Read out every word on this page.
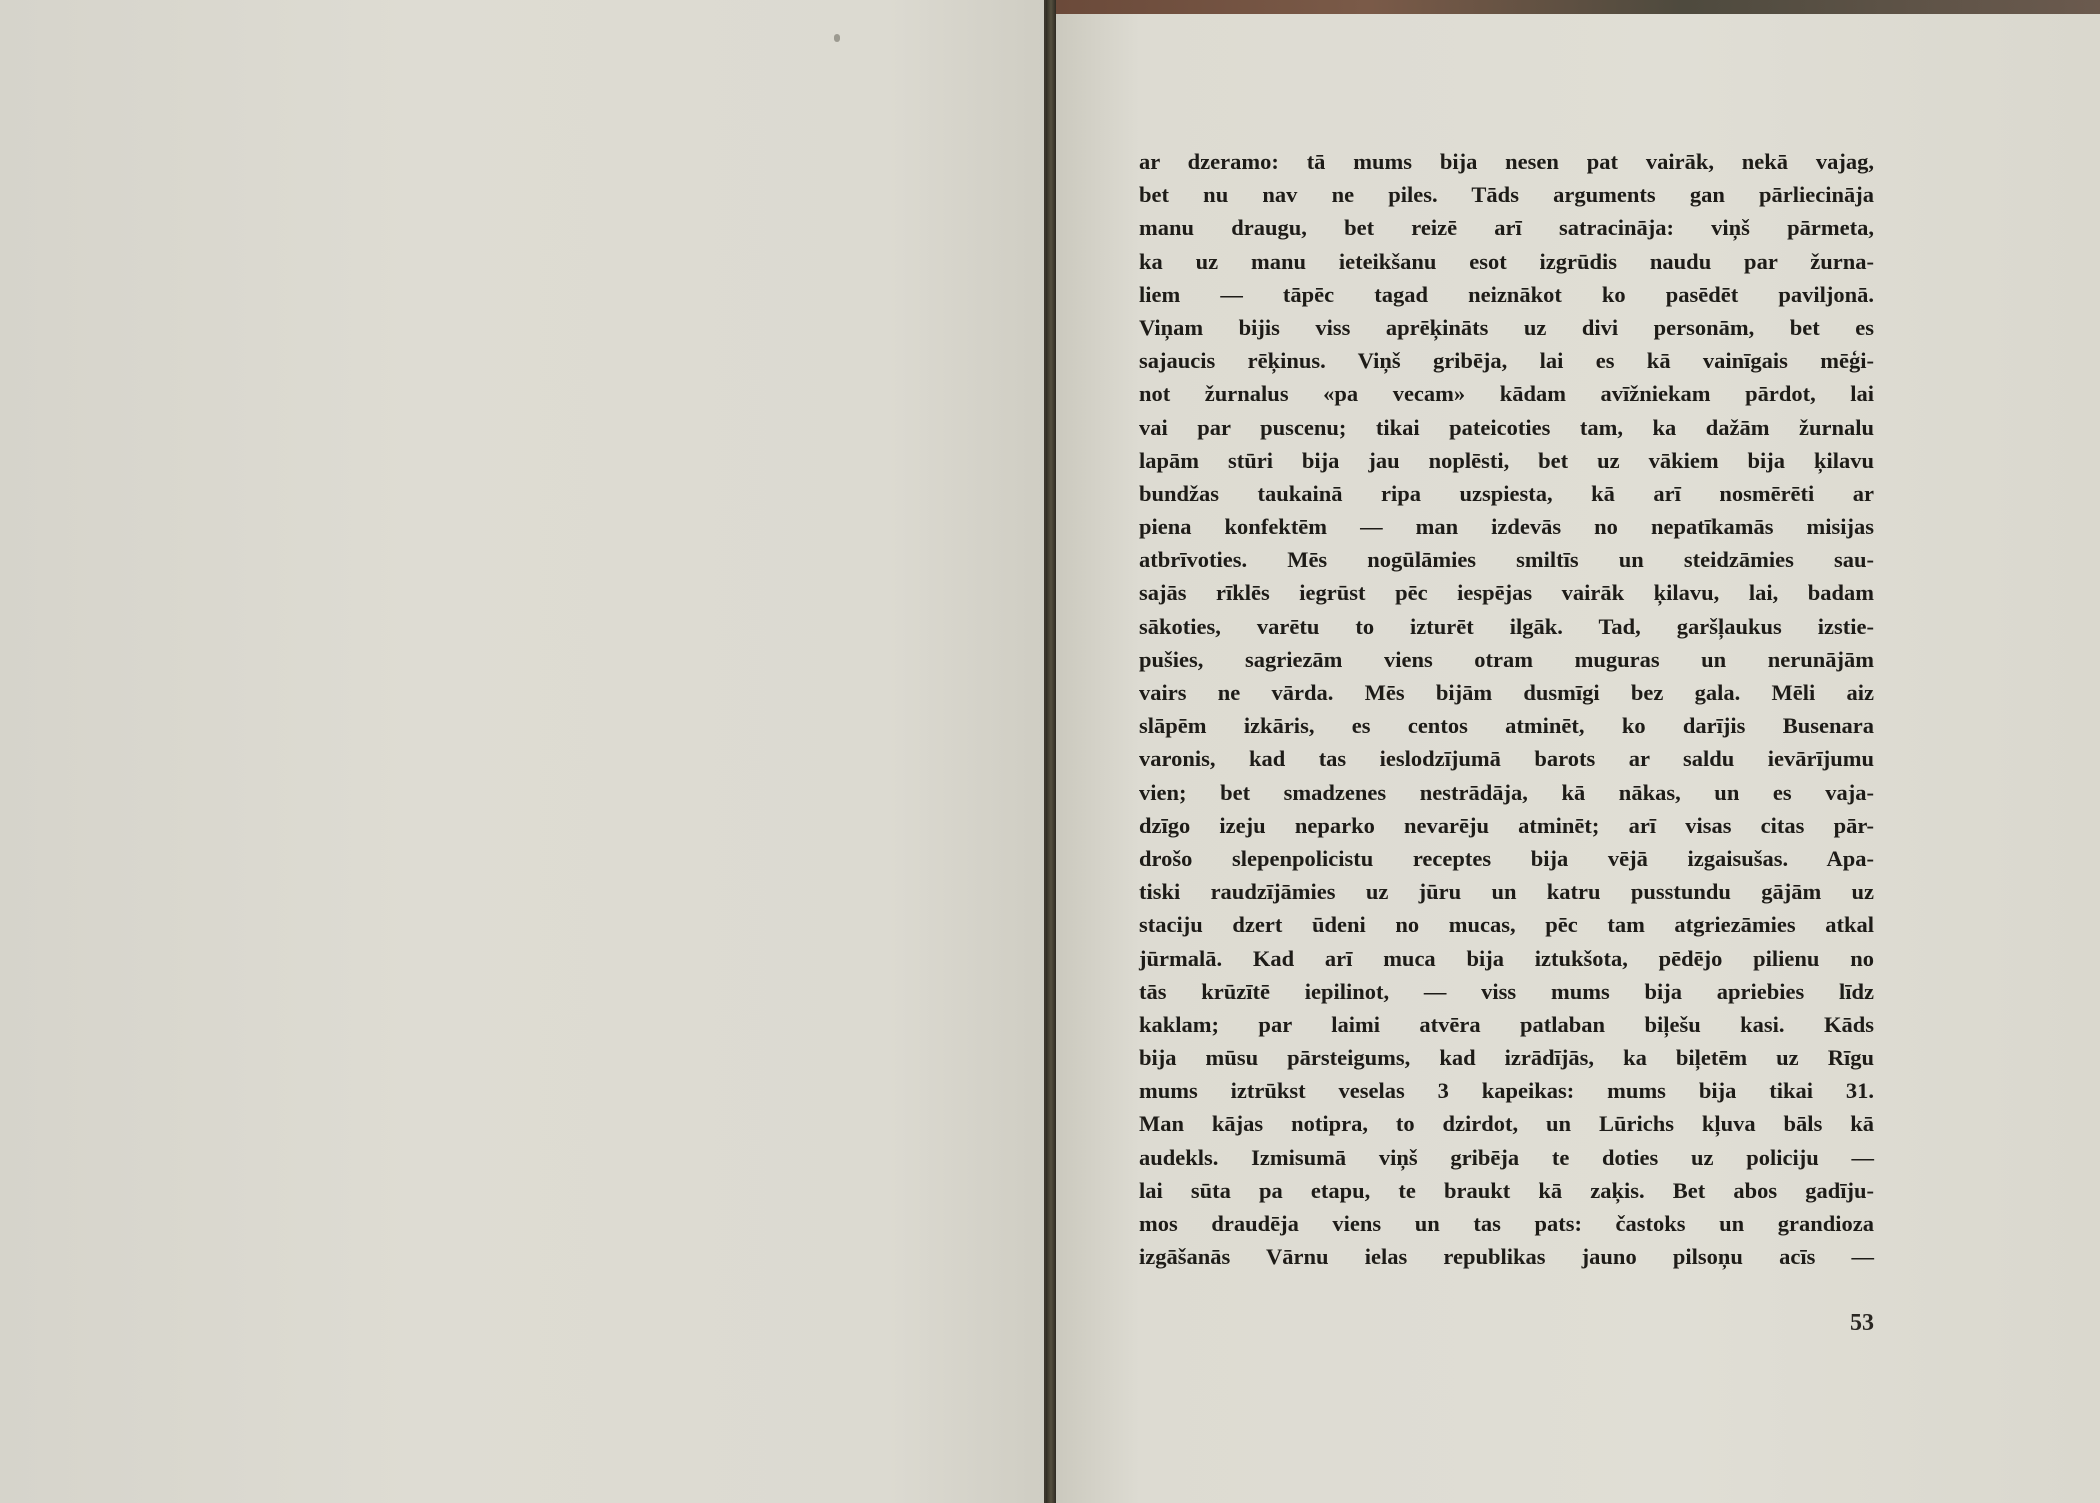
ar dzeramo: tā mums bija nesen pat vairāk, nekā vajag,
bet nu nav ne piles. Tāds arguments gan pārliecināja
manu draugu, bet reizē arī satracināja: viņš pārmeta,
ka uz manu ieteikšanu esot izgrūdis naudu par žurna-
liem — tāpēc tagad neiznākot ko pasēdēt paviljonā.
Viņam bijis viss aprēķināts uz divi personām, bet es
sajaucis rēķinus. Viņš gribēja, lai es kā vainīgais mēģi-
not žurnalus «pa vecam» kādam avīžniekam pārdot, lai
vai par puscenu; tikai pateicoties tam, ka dažām žurnalu
lapām stūri bija jau noplēsti, bet uz vākiem bija ķilavu
bundžas taukainā ripa uzspiesta, kā arī nosmērēti ar
piena konfektēm — man izdevās no nepatīkamās misijas
atbrīvoties. Mēs nogūlāmies smiltīs un steidzāmies sau-
sajās rīklēs iegrūst pēc iespējas vairāk ķilavu, lai, badam
sākoties, varētu to izturēt ilgāk. Tad, garšļaukus izstie-
pušies, sagriezām viens otram muguras un nerunājām
vairs ne vārda. Mēs bijām dusmīgi bez gala. Mēli aiz
slāpēm izkāris, es centos atminēt, ko darījis Busenara
varonis, kad tas ieslodzījumā barots ar saldu ievārījumu
vien; bet smadzenes nestrādāja, kā nākas, un es vaja-
dzīgo izeju neparko nevarēju atminēt; arī visas citas pār-
drošo slepenpolicistu receptes bija vējā izgaisušas. Apa-
tiski raudzījāmies uz jūru un katru pusstundu gājām uz
staciju dzert ūdeni no mucas, pēc tam atgriezāmies atkal
jūrmalā. Kad arī muca bija iztukšota, pēdējo pilienu no
tās krūzītē iepilinot, — viss mums bija apriebies līdz
kaklam; par laimi atvēra patlaban biļešu kasi. Kāds
bija mūsu pārsteigums, kad izrādījās, ka biļetēm uz Rīgu
mums iztrūkst veselas 3 kapeikas: mums bija tikai 31.
Man kājas notipra, to dzirdot, un Lūrichs kļuva bāls kā
audekls. Izmisumā viņš gribēja te doties uz policiju —
lai sūta pa etapu, te braukt kā zaķis. Bet abos gadīju-
mos draudēja viens un tas pats: častoks un grandioza
izgāšanās Vārnu ielas republikas jauno pilsoņu acīs —
53
